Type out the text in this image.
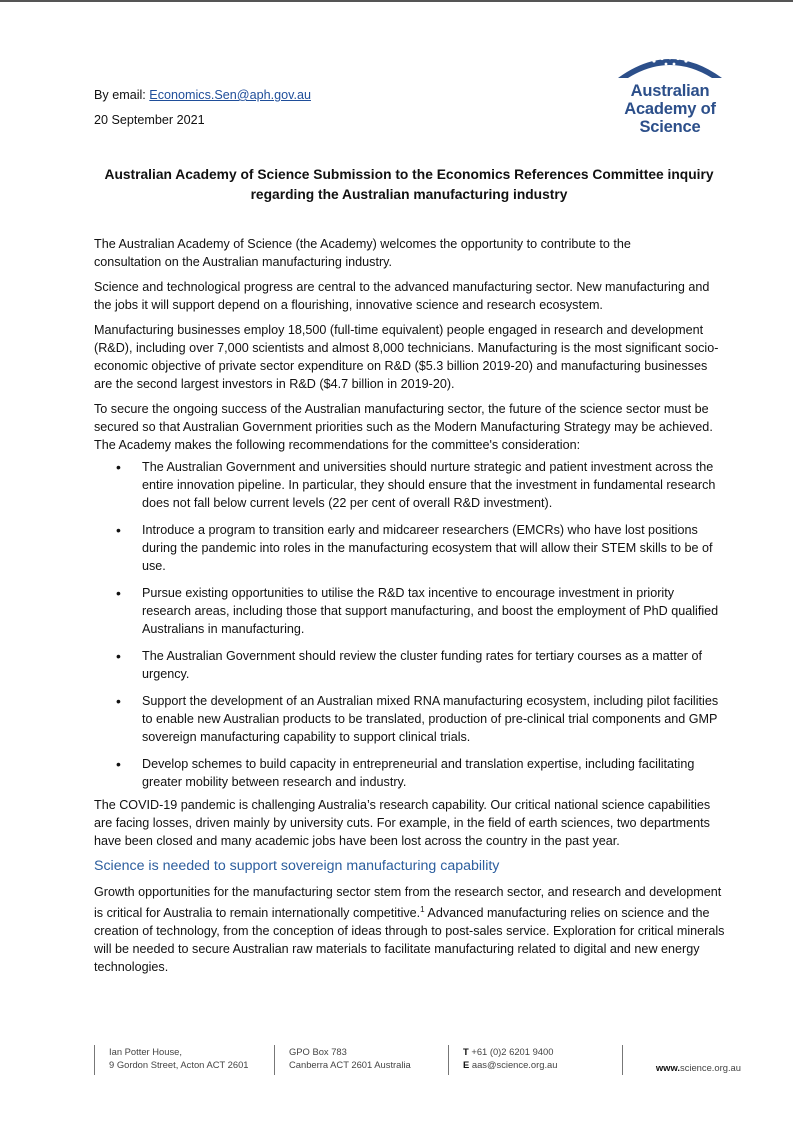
By email: Economics.Sen@aph.gov.au
20 September 2021
Australian
Academy of
Science
Australian Academy of Science Submission to the Economics References Committee inquiry
regarding the Australian manufacturing industry

The Australian Academy of Science (the Academy) welcomes the opportunity to contribute to the consultation on the Australian manufacturing industry.

Science and technological progress are central to the advanced manufacturing sector. New manufacturing and the jobs it will support depend on a flourishing, innovative science and research ecosystem.

Manufacturing businesses employ 18,500 (full-time equivalent) people engaged in research and development (R&D), including over 7,000 scientists and almost 8,000 technicians. Manufacturing is the most significant socio-economic objective of private sector expenditure on R&D ($5.3 billion 2019-20) and manufacturing businesses are the second largest investors in R&D ($4.7 billion in 2019-20).

To secure the ongoing success of the Australian manufacturing sector, the future of the science sector must be secured so that Australian Government priorities such as the Modern Manufacturing Strategy may be achieved. The Academy makes the following recommendations for the committee's consideration:

• The Australian Government and universities should nurture strategic and patient investment across the entire innovation pipeline. In particular, they should ensure that the investment in fundamental research does not fall below current levels (22 per cent of overall R&D investment).
• Introduce a program to transition early and midcareer researchers (EMCRs) who have lost positions during the pandemic into roles in the manufacturing ecosystem that will allow their STEM skills to be of use.
• Pursue existing opportunities to utilise the R&D tax incentive to encourage investment in priority research areas, including those that support manufacturing, and boost the employment of PhD qualified Australians in manufacturing.
• The Australian Government should review the cluster funding rates for tertiary courses as a matter of urgency.
• Support the development of an Australian mixed RNA manufacturing ecosystem, including pilot facilities to enable new Australian products to be translated, production of pre-clinical trial components and GMP sovereign manufacturing capability to support clinical trials.
• Develop schemes to build capacity in entrepreneurial and translation expertise, including facilitating greater mobility between research and industry.

The COVID-19 pandemic is challenging Australia’s research capability. Our critical national science capabilities are facing losses, driven mainly by university cuts. For example, in the field of earth sciences, two departments have been closed and many academic jobs have been lost across the country in the past year.

Science is needed to support sovereign manufacturing capability

Growth opportunities for the manufacturing sector stem from the research sector, and research and development is critical for Australia to remain internationally competitive.$^1$ Advanced manufacturing relies on science and the creation of technology, from the conception of ideas through to post-sales service. Exploration for critical minerals will be needed to secure Australian raw materials to facilitate manufacturing related to digital and new energy technologies.

Ian Potter House,
9 Gordon Street, Acton ACT 2601
GPO Box 783
Canberra ACT 2601 Australia
T +61 (0)2 6201 9400
E aas@science.org.au	www.science.org.au
